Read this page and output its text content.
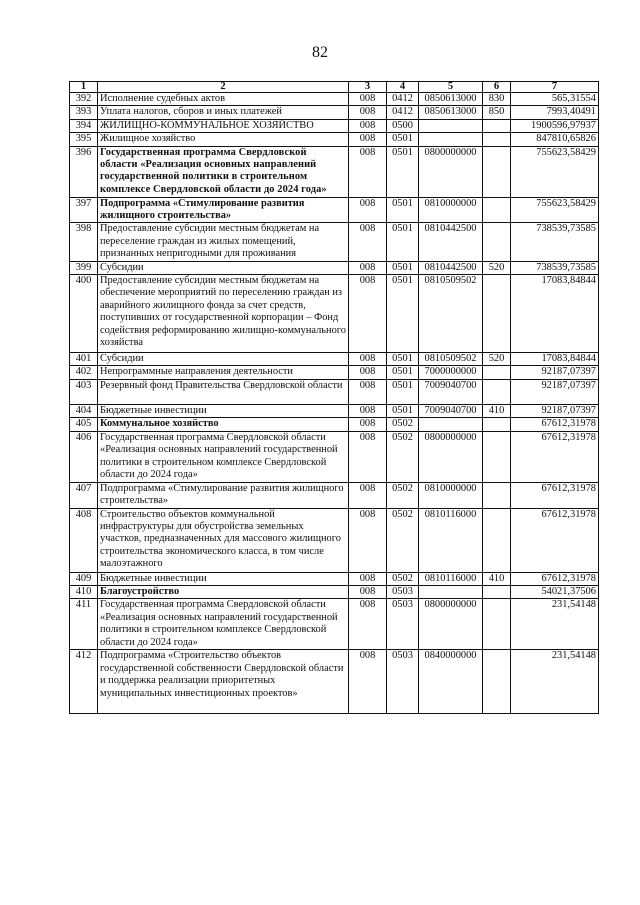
82
1	2	3	4	5	6	7
392	Исполнение судебных актов	008	0412	0850613000	830	565,31554
393	Уплата налогов, сборов и иных платежей	008	0412	0850613000	850	7993,40491
394	ЖИЛИЩНО-КОММУНАЛЬНОЕ ХОЗЯЙСТВО	008	0500			1900596,97937
395	Жилищное хозяйство	008	0501			847810,65826
396	Государственная программа Свердловской области «Реализация основных направлений государственной политики в строительном комплексе Свердловской области до 2024 года»	008	0501	0800000000		755623,58429
397	Подпрограмма «Стимулирование развития жилищного строительства»	008	0501	0810000000		755623,58429
398	Предоставление субсидии местным бюджетам на переселение граждан из жилых помещений, признанных непригодными для проживания	008	0501	0810442500		738539,73585
399	Субсидии	008	0501	0810442500	520	738539,73585
400	Предоставление субсидии местным бюджетам на обеспечение мероприятий по переселению граждан из аварийного жилищного фонда за счет средств, поступивших от государственной корпорации – Фонд содействия реформированию жилищно-коммунального хозяйства	008	0501	0810509502		17083,84844
401	Субсидии	008	0501	0810509502	520	17083,84844
402	Непрограммные направления деятельности	008	0501	7000000000		92187,07397
403	Резервный фонд Правительства Свердловской области	008	0501	7009040700		92187,07397
404	Бюджетные инвестиции	008	0501	7009040700	410	92187,07397
405	Коммунальное хозяйство	008	0502			67612,31978
406	Государственная программа Свердловской области «Реализация основных направлений государственной политики в строительном комплексе Свердловской области до 2024 года»	008	0502	0800000000		67612,31978
407	Подпрограмма «Стимулирование развития жилищного строительства»	008	0502	0810000000		67612,31978
408	Строительство объектов коммунальной инфраструктуры для обустройства земельных участков, предназначенных для массового жилищного строительства экономического класса, в том числе малоэтажного	008	0502	0810116000		67612,31978
409	Бюджетные инвестиции	008	0502	0810116000	410	67612,31978
410	Благоустройство	008	0503			54021,37506
411	Государственная программа Свердловской области «Реализация основных направлений государственной политики в строительном комплексе Свердловской области до 2024 года»	008	0503	0800000000		231,54148
412	Подпрограмма «Строительство объектов государственной собственности Свердловской области и поддержка реализации приоритетных муниципальных инвестиционных проектов»	008	0503	0840000000		231,54148
